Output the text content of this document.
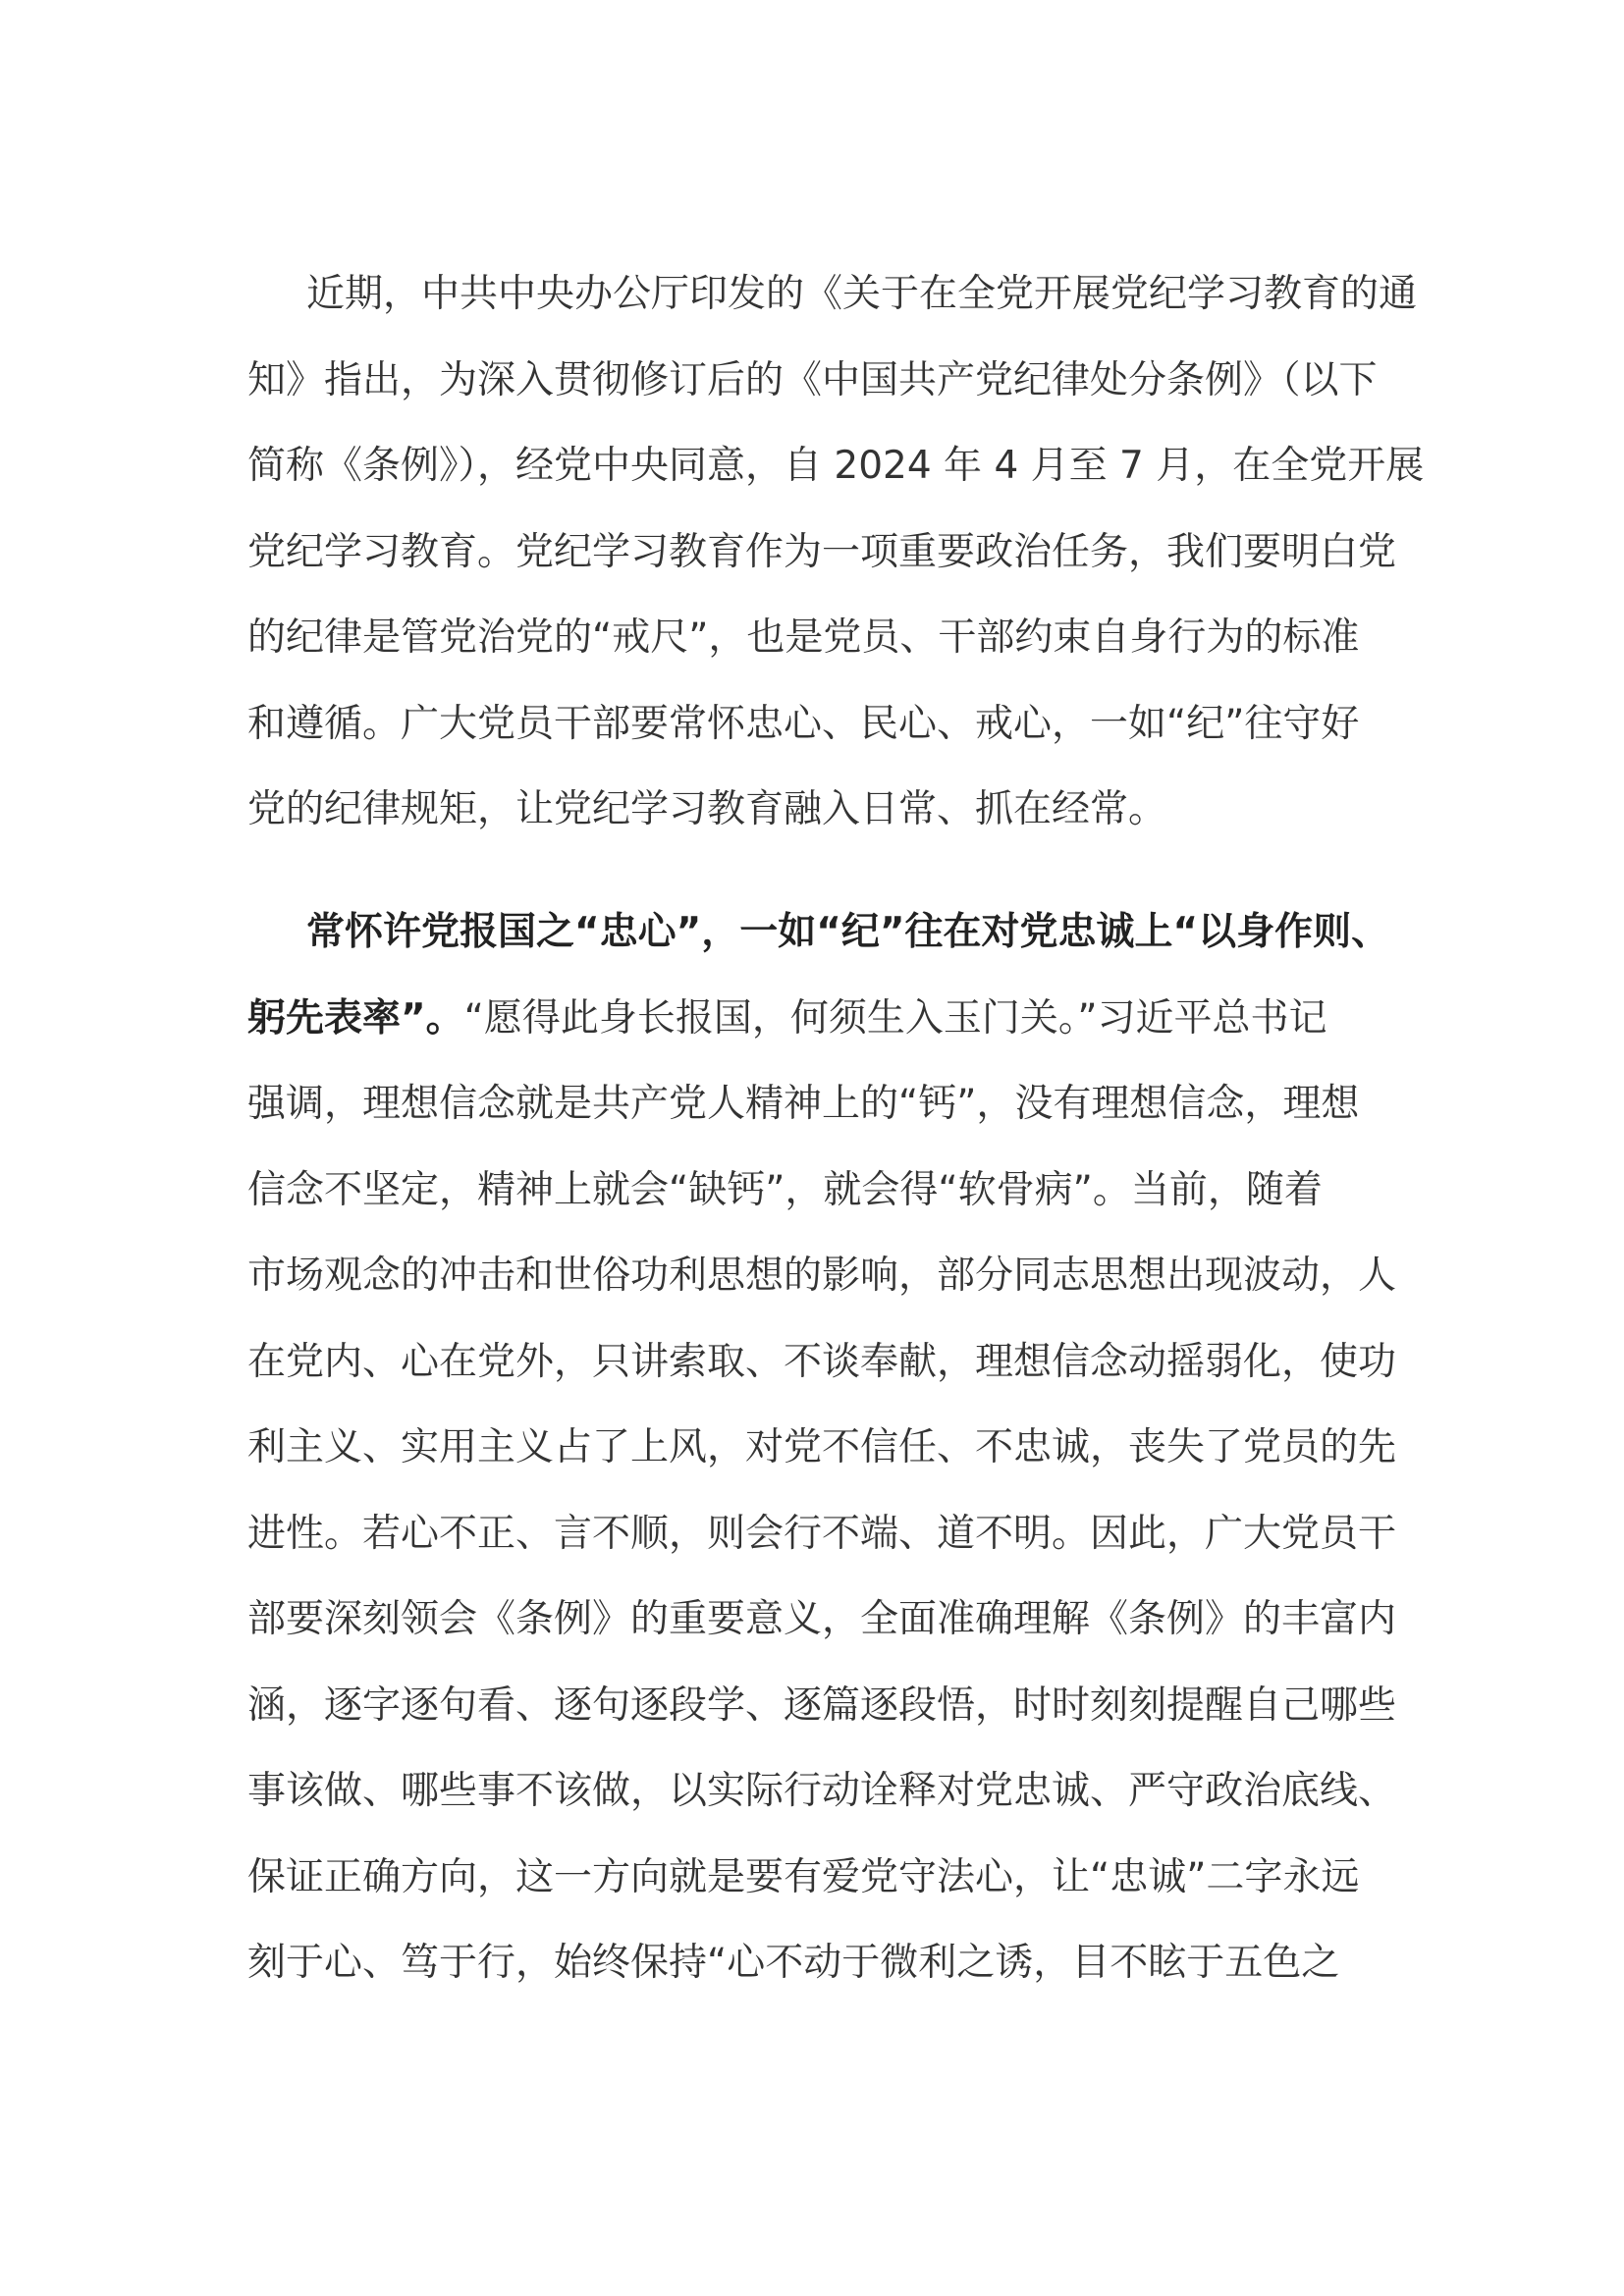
近期，中共中央办公厅印发的《关于在全党开展党纪学习教育的通
知》指出，为深入贯彻修订后的《中国共产党纪律处分条例》（以下
简称《条例》），经党中央同意，自 2024 年 4 月至 7 月，在全党开展
党纪学习教育。党纪学习教育作为一项重要政治任务，我们要明白党
的纪律是管党治党的“戒尺”，也是党员、干部约束自身行为的标准
和遵循。广大党员干部要常怀忠心、民心、戒心，一如“纪”往守好
党的纪律规矩，让党纪学习教育融入日常、抓在经常。
常怀许党报国之“忠心”，一如“纪”往在对党忠诚上“以身作则、
躬先表率”。“愿得此身长报国，何须生入玉门关。”习近平总书记
强调，理想信念就是共产党人精神上的“钙”，没有理想信念，理想
信念不坚定，精神上就会“缺钙”，就会得“软骨病”。当前，随着
市场观念的冲击和世俗功利思想的影响，部分同志思想出现波动，人
在党内、心在党外，只讲索取、不谈奉献，理想信念动摇弱化，使功
利主义、实用主义占了上风，对党不信任、不忠诚，丧失了党员的先
进性。若心不正、言不顺，则会行不端、道不明。因此，广大党员干
部要深刻领会《条例》的重要意义，全面准确理解《条例》的丰富内
涵，逐字逐句看、逐句逐段学、逐篇逐段悟，时时刻刻提醒自己哪些
事该做、哪些事不该做，以实际行动诠释对党忠诚、严守政治底线、
保证正确方向，这一方向就是要有爱党守法心，让“忠诚”二字永远
刻于心、笃于行，始终保持“心不动于微利之诱，目不眩于五色之
